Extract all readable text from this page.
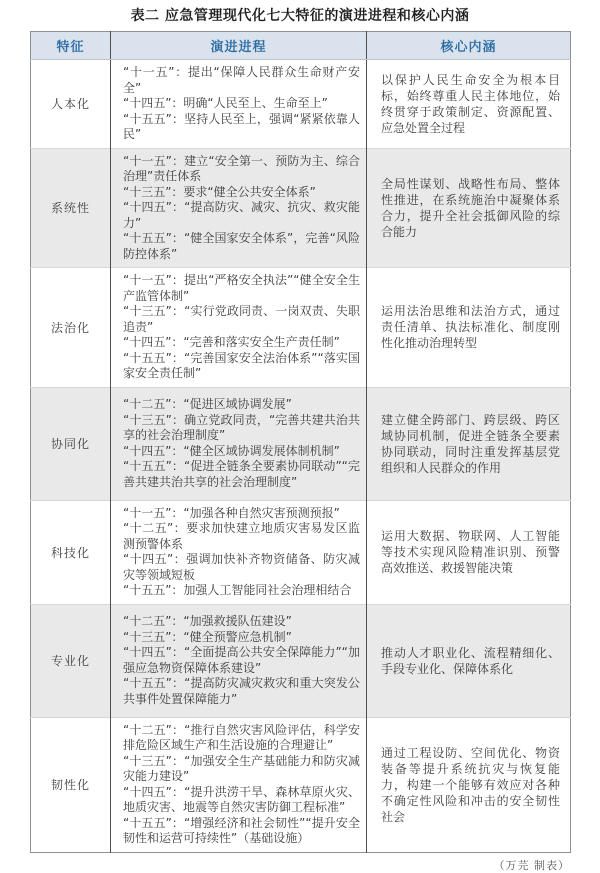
表二 应急管理现代化七大特征的演进进程和核心内涵
特征	演进进程	核心内涵
人本化	“十一五”：提出“保障人民群众生命财产安全”
“十四五”：明确“人民至上、生命至上”
“十五五”：坚持人民至上，强调“紧紧依靠人民”	以保护人民生命安全为根本目标，始终尊重人民主体地位，始终贯穿于政策制定、资源配置、应急处置全过程

系统性	“十一五”：建立“安全第一、预防为主、综合治理”责任体系
“十三五”：要求“健全公共安全体系”
“十四五”：“提高防灾、减灾、抗灾、救灾能力”
“十五五”：“健全国家安全体系”，完善“风险防控体系”	全局性谋划、战略性布局、整体性推进，在系统施治中凝聚体系合力，提升全社会抵御风险的综合能力

法治化	“十一五”：提出“严格安全执法”“健全安全生产监管体制”
“十三五”：“实行党政同责、一岗双责、失职追责”
“十四五”：“完善和落实安全生产责任制”
“十五五”：“完善国家安全法治体系”“落实国家安全责任制”	运用法治思维和法治方式，通过责任清单、执法标准化、制度刚性化推动治理转型

协同化	“十二五”：“促进区域协调发展”
“十三五”：确立党政同责，“完善共建共治共享的社会治理制度”
“十四五”：“健全区域协调发展体制机制”
“十五五”：“促进全链条全要素协同联动”“完善共建共治共享的社会治理制度”	建立健全跨部门、跨层级、跨区域协同机制，促进全链条全要素协同联动，同时注重发挥基层党组织和人民群众的作用

科技化	“十一五”：“加强各种自然灾害预测预报”
“十二五”：要求加快建立地质灾害易发区监测预警体系
“十四五”：强调加快补齐物资储备、防灾减灾等领域短板
“十五五”：加强人工智能同社会治理相结合	运用大数据、物联网、人工智能等技术实现风险精准识别、预警高效推送、救援智能决策

专业化	“十二五”：“加强救援队伍建设”
“十三五”：“健全预警应急机制”
“十四五”：“全面提高公共安全保障能力”“加强应急物资保障体系建设”
“十五五”：“提高防灾减灾救灾和重大突发公共事件处置保障能力”	推动人才职业化、流程精细化、手段专业化、保障体系化

韧性化	“十二五”：“推行自然灾害风险评估，科学安排危险区域生产和生活设施的合理避让”
“十三五”：“加强安全生产基础能力和防灾减灾能力建设”
“十四五”：“提升洪涝干旱、森林草原火灾、地质灾害、地震等自然灾害防御工程标准”
“十五五”：“增强经济和社会韧性”“提升安全韧性和运营可持续性”（基础设施）	通过工程设防、空间优化、物资装备等提升系统抗灾与恢复能力，构建一个能够有效应对各种不确定性风险和冲击的安全韧性社会
（万芫 制表）
